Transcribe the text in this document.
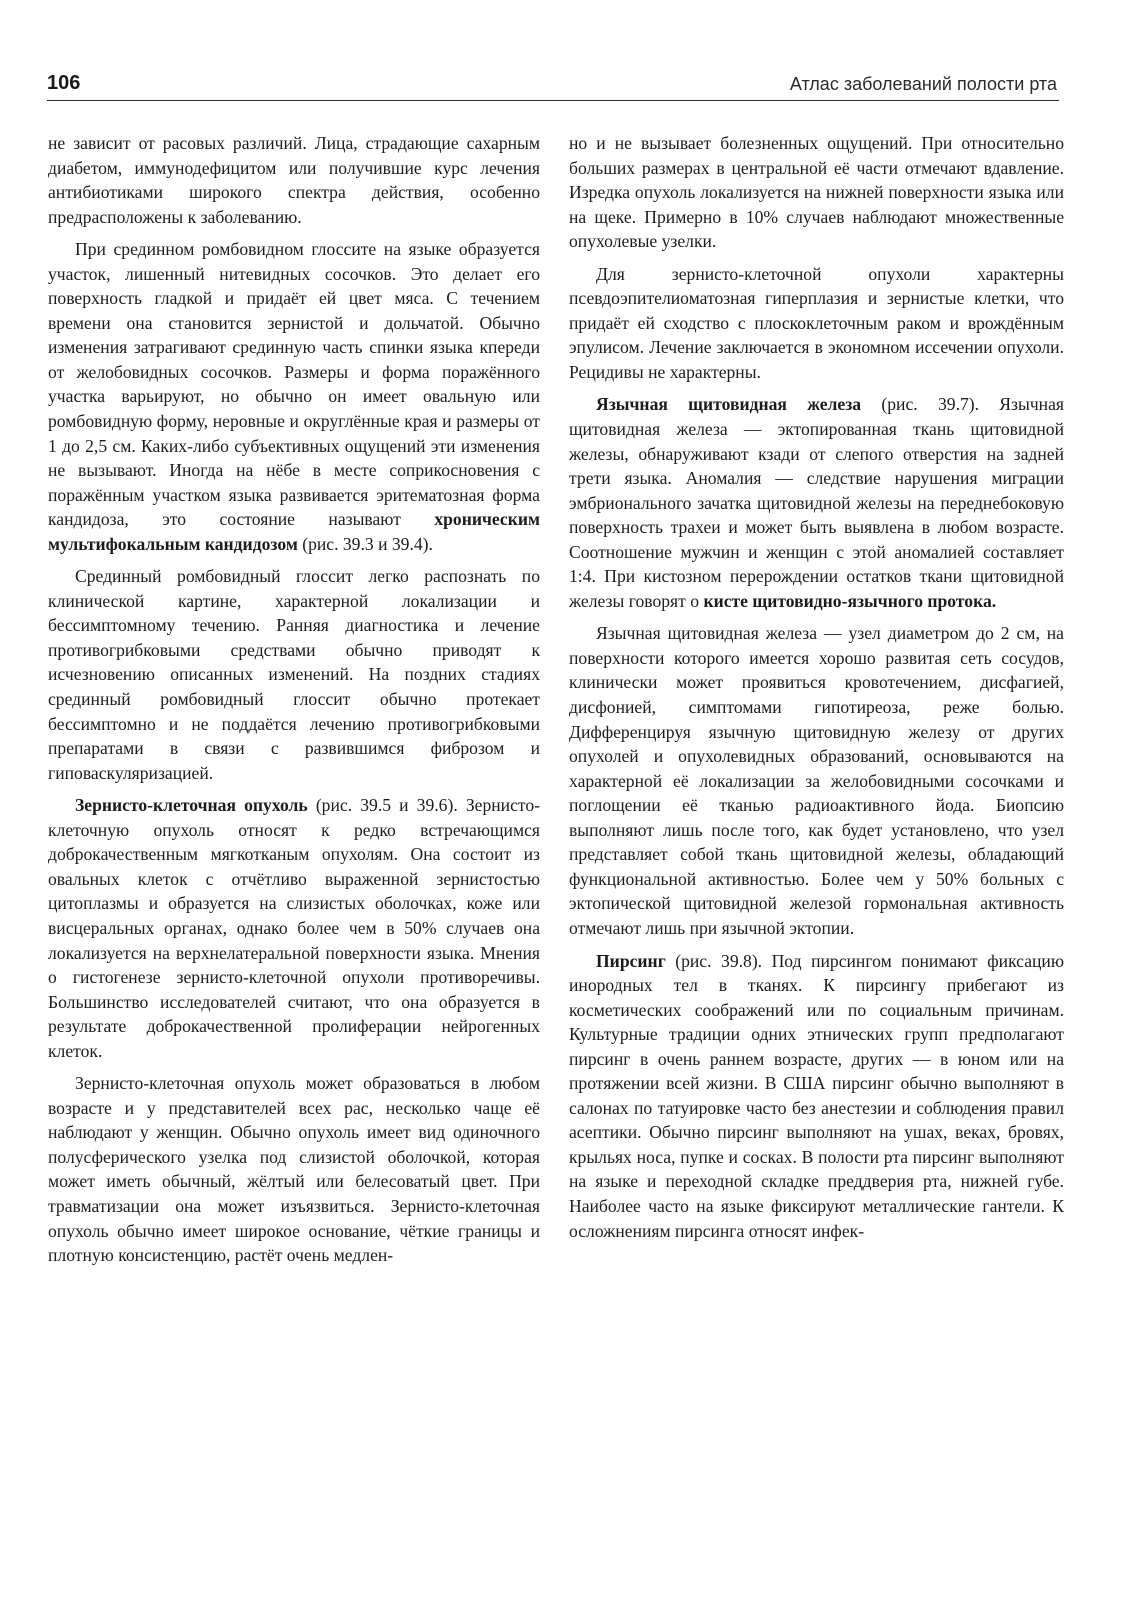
106	Атлас заболеваний полости рта

не зависит от расовых различий. Лица, страдающие сахарным диабетом, иммунодефицитом или получившие курс лечения антибиотиками широкого спектра действия, особенно предрасположены к заболеванию.

При срединном ромбовидном глоссите на языке образуется участок, лишенный нитевидных сосочков. Это делает его поверхность гладкой и придаёт ей цвет мяса. С течением времени она становится зернистой и дольчатой. Обычно изменения затрагивают срединную часть спинки языка кпереди от желобовидных сосочков. Размеры и форма поражённого участка варьируют, но обычно он имеет овальную или ромбовидную форму, неровные и округлённые края и размеры от 1 до 2,5 см. Каких-либо субъективных ощущений эти изменения не вызывают. Иногда на нёбе в месте соприкосновения с поражённым участком языка развивается эритематозная форма кандидоза, это состояние называют хроническим мультифокальным кандидозом (рис. 39.3 и 39.4).

Срединный ромбовидный глоссит легко распознать по клинической картине, характерной локализации и бессимптомному течению. Ранняя диагностика и лечение противогрибковыми средствами обычно приводят к исчезновению описанных изменений. На поздних стадиях срединный ромбовидный глоссит обычно протекает бессимптомно и не поддаётся лечению противогрибковыми препаратами в связи с развившимся фиброзом и гиповаскуляризацией.

Зернисто-клеточная опухоль (рис. 39.5 и 39.6). Зернисто-клеточную опухоль относят к редко встречающимся доброкачественным мягкотканым опухолям. Она состоит из овальных клеток с отчётливо выраженной зернистостью цитоплазмы и образуется на слизистых оболочках, коже или висцеральных органах, однако более чем в 50% случаев она локализуется на верхнелатеральной поверхности языка. Мнения о гистогенезе зернисто-клеточной опухоли противоречивы. Большинство исследователей считают, что она образуется в результате доброкачественной пролиферации нейрогенных клеток.

Зернисто-клеточная опухоль может образоваться в любом возрасте и у представителей всех рас, несколько чаще её наблюдают у женщин. Обычно опухоль имеет вид одиночного полусферического узелка под слизистой оболочкой, которая может иметь обычный, жёлтый или белесоватый цвет. При травматизации она может изъязвиться. Зернисто-клеточная опухоль обычно имеет широкое основание, чёткие границы и плотную консистенцию, растёт очень медлен-

но и не вызывает болезненных ощущений. При относительно больших размерах в центральной её части отмечают вдавление. Изредка опухоль локализуется на нижней поверхности языка или на щеке. Примерно в 10% случаев наблюдают множественные опухолевые узелки.

Для зернисто-клеточной опухоли характерны псевдоэпителиоматозная гиперплазия и зернистые клетки, что придаёт ей сходство с плоскоклеточным раком и врождённым эпулисом. Лечение заключается в экономном иссечении опухоли. Рецидивы не характерны.

Язычная щитовидная железа (рис. 39.7). Язычная щитовидная железа — эктопированная ткань щитовидной железы, обнаруживают кзади от слепого отверстия на задней трети языка. Аномалия — следствие нарушения миграции эмбрионального зачатка щитовидной железы на переднебоковую поверхность трахеи и может быть выявлена в любом возрасте. Соотношение мужчин и женщин с этой аномалией составляет 1:4. При кистозном перерождении остатков ткани щитовидной железы говорят о кисте щитовидно-язычного протока.

Язычная щитовидная железа — узел диаметром до 2 см, на поверхности которого имеется хорошо развитая сеть сосудов, клинически может проявиться кровотечением, дисфагией, дисфонией, симптомами гипотиреоза, реже болью. Дифференцируя язычную щитовидную железу от других опухолей и опухолевидных образований, основываются на характерной её локализации за желобовидными сосочками и поглощении её тканью радиоактивного йода. Биопсию выполняют лишь после того, как будет установлено, что узел представляет собой ткань щитовидной железы, обладающий функциональной активностью. Более чем у 50% больных с эктопической щитовидной железой гормональная активность отмечают лишь при язычной эктопии.

Пирсинг (рис. 39.8). Под пирсингом понимают фиксацию инородных тел в тканях. К пирсингу прибегают из косметических соображений или по социальным причинам. Культурные традиции одних этнических групп предполагают пирсинг в очень раннем возрасте, других — в юном или на протяжении всей жизни. В США пирсинг обычно выполняют в салонах по татуировке часто без анестезии и соблюдения правил асептики. Обычно пирсинг выполняют на ушах, веках, бровях, крыльях носа, пупке и сосках. В полости рта пирсинг выполняют на языке и переходной складке преддверия рта, нижней губе. Наиболее часто на языке фиксируют металлические гантели. К осложнениям пирсинга относят инфек-
